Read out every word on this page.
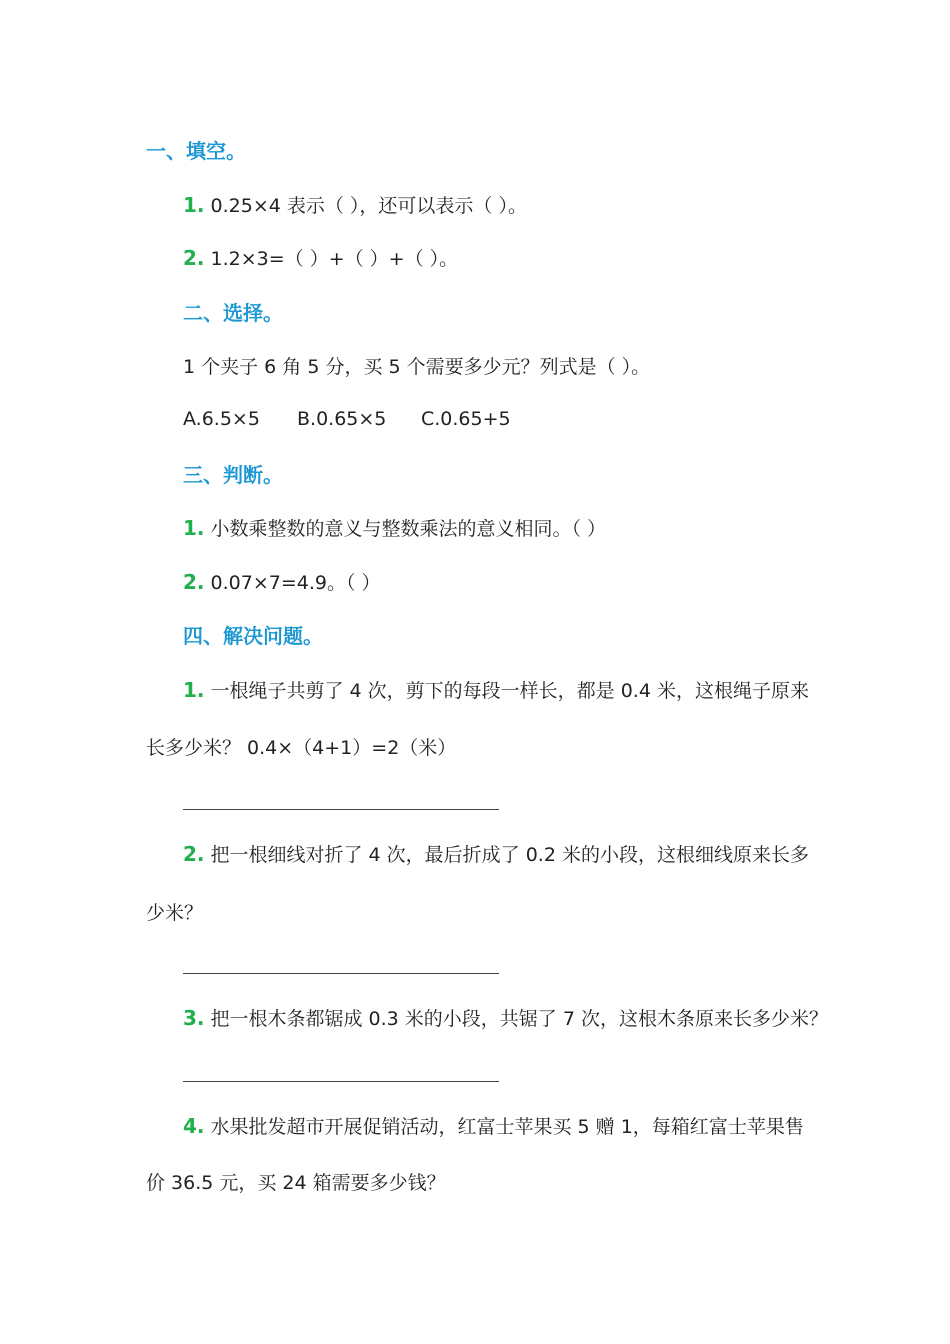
一、填空。
1. 0.25×4 表示（ ），还可以表示（ ）。
2. 1.2×3=（ ）+（ ）+（ ）。
二、选择。
1 个夹子 6 角 5 分，买 5 个需要多少元？列式是（ ）。
A.6.5×5 B.0.65×5 C.0.65+5
三、判断。
1. 小数乘整数的意义与整数乘法的意义相同。（ ）
2. 0.07×7=4.9。（ ）
四、解决问题。
1. 一根绳子共剪了 4 次，剪下的每段一样长，都是 0.4 米，这根绳子原来
长多少米？ 0.4×（4+1）=2（米）
2. 把一根细线对折了 4 次，最后折成了 0.2 米的小段，这根细线原来长多
少米？
3. 把一根木条都锯成 0.3 米的小段，共锯了 7 次，这根木条原来长多少米？
4. 水果批发超市开展促销活动，红富士苹果买 5 赠 1，每箱红富士苹果售
价 36.5 元，买 24 箱需要多少钱？
